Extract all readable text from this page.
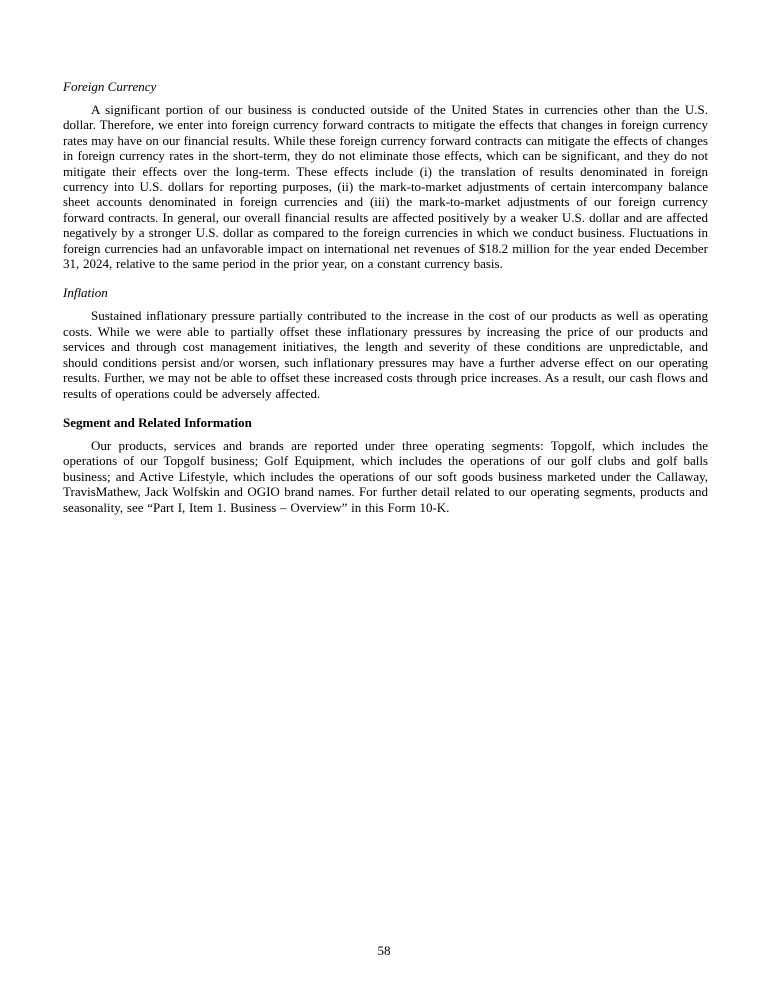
Foreign Currency

A significant portion of our business is conducted outside of the United States in currencies other than the U.S. dollar. Therefore, we enter into foreign currency forward contracts to mitigate the effects that changes in foreign currency rates may have on our financial results. While these foreign currency forward contracts can mitigate the effects of changes in foreign currency rates in the short-term, they do not eliminate those effects, which can be significant, and they do not mitigate their effects over the long-term. These effects include (i) the translation of results denominated in foreign currency into U.S. dollars for reporting purposes, (ii) the mark-to-market adjustments of certain intercompany balance sheet accounts denominated in foreign currencies and (iii) the mark-to-market adjustments of our foreign currency forward contracts. In general, our overall financial results are affected positively by a weaker U.S. dollar and are affected negatively by a stronger U.S. dollar as compared to the foreign currencies in which we conduct business. Fluctuations in foreign currencies had an unfavorable impact on international net revenues of $18.2 million for the year ended December 31, 2024, relative to the same period in the prior year, on a constant currency basis.

Inflation

Sustained inflationary pressure partially contributed to the increase in the cost of our products as well as operating costs. While we were able to partially offset these inflationary pressures by increasing the price of our products and services and through cost management initiatives, the length and severity of these conditions are unpredictable, and should conditions persist and/or worsen, such inflationary pressures may have a further adverse effect on our operating results. Further, we may not be able to offset these increased costs through price increases. As a result, our cash flows and results of operations could be adversely affected.

Segment and Related Information

Our products, services and brands are reported under three operating segments: Topgolf, which includes the operations of our Topgolf business; Golf Equipment, which includes the operations of our golf clubs and golf balls business; and Active Lifestyle, which includes the operations of our soft goods business marketed under the Callaway, TravisMathew, Jack Wolfskin and OGIO brand names. For further detail related to our operating segments, products and seasonality, see “Part I, Item 1. Business – Overview” in this Form 10-K.

58
